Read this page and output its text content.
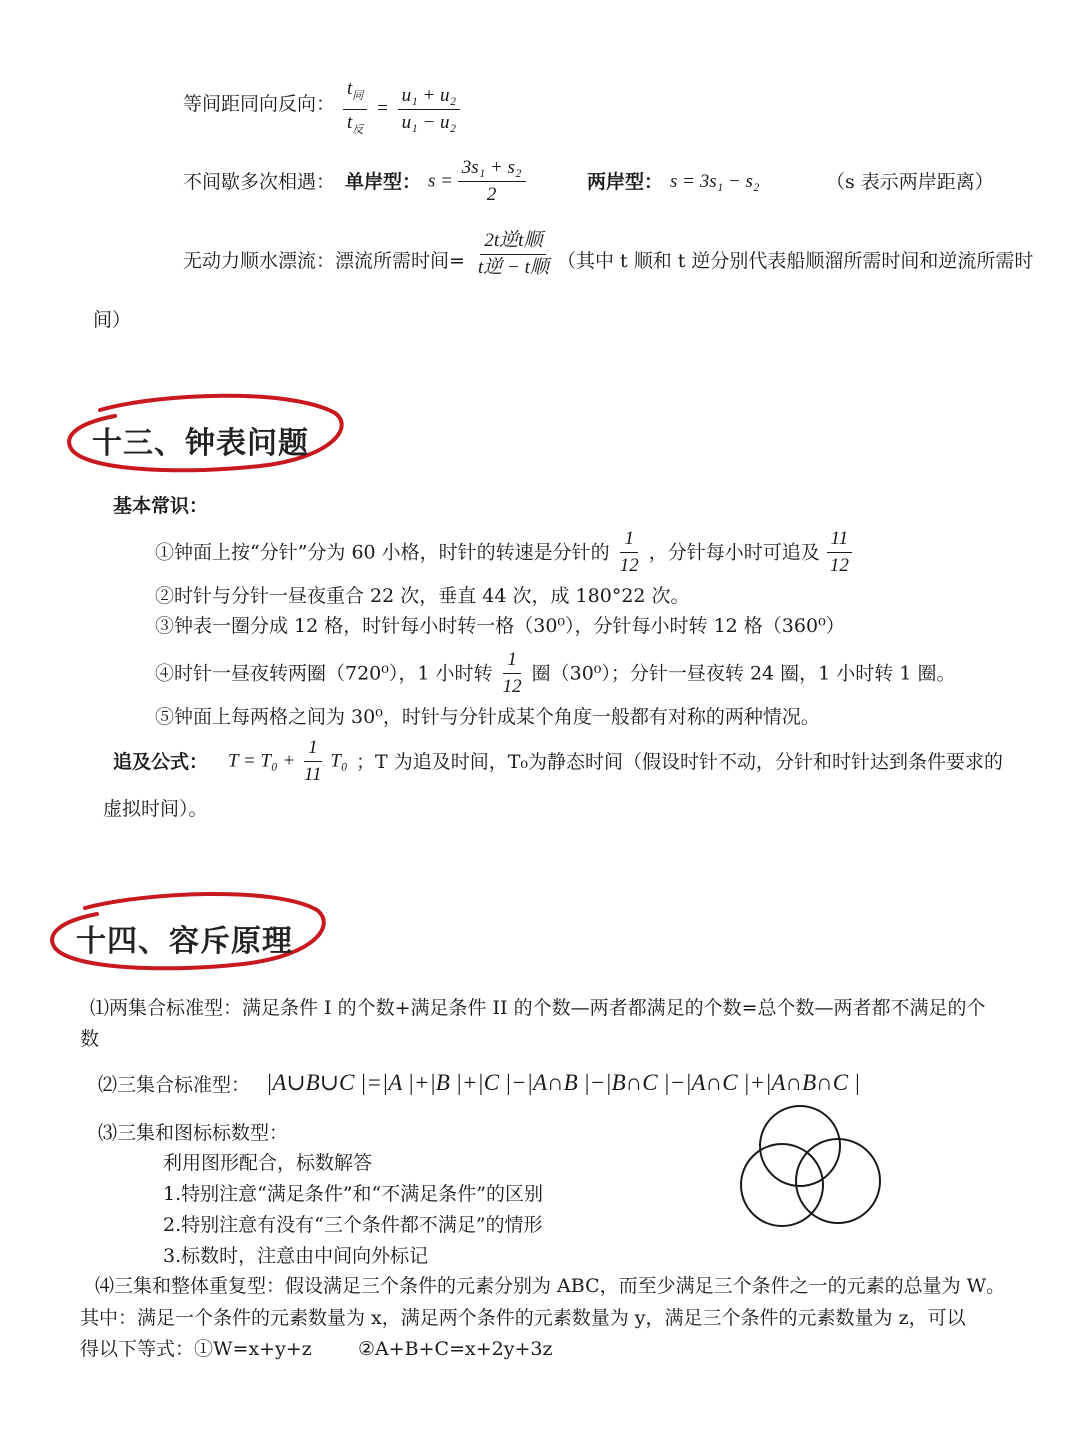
等间距同向反向： $\frac{t_同}{t_反} = \frac{\text{u₁ + u₂}}{\text{u₁ − u₂}}$
不间歇多次相遇： 单岸型： $s = \frac{\text{3s₁ + s₂}}{2}$	两岸型： s = 3s₁ − s₂	（s 表示两岸距离）
无动力顺水漂流：漂流所需时间= $\frac{\text{2t逆t顺}}{\text{t逆 − t顺}}$ （其中 t 顺和 t 逆分别代表船顺溜所需时间和逆流所需时
间）
十三、钟表问题
基本常识：
①钟面上按“分针”分为 60 小格，时针的转速是分针的 $\frac{1}{12}$ ，分针每小时可追及 $\frac{11}{12}$
②时针与分针一昼夜重合 22 次，垂直 44 次，成 180°22 次。
③钟表一圈分成 12 格，时针每小时转一格（30⁰），分针每小时转 12 格（360⁰）
④时针一昼夜转两圈（720⁰），1 小时转 $\frac{1}{12}$ 圈（30⁰）；分针一昼夜转 24 圈，1 小时转 1 圈。
⑤钟面上每两格之间为 30⁰，时针与分针成某个角度一般都有对称的两种情况。
追及公式： $T = T_0 + \frac{1}{11} T_0$ ；T 为追及时间，T₀为静态时间（假设时针不动，分针和时针达到条件要求的
虚拟时间）。
十四、容斥原理
⑴两集合标准型：满足条件 I 的个数+满足条件 II 的个数—两者都满足的个数=总个数—两者都不满足的个
数
⑵三集合标准型： |A∪B∪C |=|A |+|B |+|C |−|A∩B |−|B∩C |−|A∩C |+|A∩B∩C |
⑶三集和图标标数型：
利用图形配合，标数解答
1.特别注意“满足条件”和“不满足条件”的区别
2.特别注意有没有“三个条件都不满足”的情形
3.标数时，注意由中间向外标记
⑷三集和整体重复型：假设满足三个条件的元素分别为 ABC，而至少满足三个条件之一的元素的总量为 W。
其中：满足一个条件的元素数量为 x，满足两个条件的元素数量为 y，满足三个条件的元素数量为 z，可以
得以下等式：①W=x+y+z ②A+B+C=x+2y+3z
